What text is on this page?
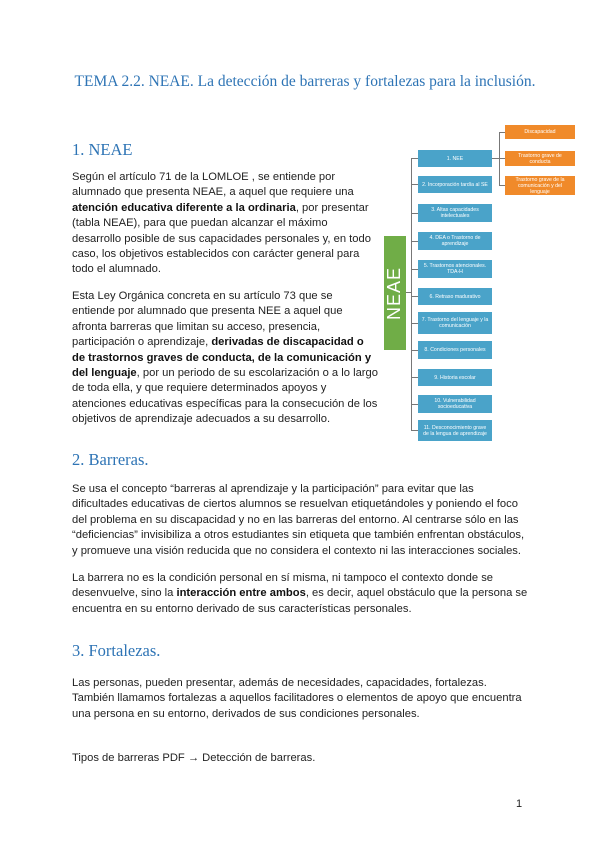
TEMA 2.2. NEAE. La detección de barreras y fortalezas para la inclusión.
1. NEAE

Según el artículo 71 de la LOMLOE , se entiende por alumnado que presenta NEAE, a aquel que requiere una atención educativa diferente a la ordinaria, por presentar (tabla NEAE), para que puedan alcanzar el máximo desarrollo posible de sus capacidades personales y, en todo caso, los objetivos establecidos con carácter general para todo el alumnado.

Esta Ley Orgánica concreta en su artículo 73 que se entiende por alumnado que presenta NEE a aquel que afronta barreras que limitan su acceso, presencia, participación o aprendizaje, derivadas de discapacidad o de trastornos graves de conducta, de la comunicación y del lenguaje, por un periodo de su escolarización o a lo largo de toda ella, y que requiere determinados apoyos y atenciones educativas específicas para la consecución de los objetivos de aprendizaje adecuados a su desarrollo.

NEAE
1. NEE
2. Incorporación tardía al SE
3. Altas capacidades intelectuales
4. DEA o Trastorno de aprendizaje
5. Trastornos atencionales. TDA-H
6. Retraso madurativo
7. Trastorno del lenguaje y la comunicación
8. Condiciones personales
9. Historia escolar
10. Vulnerabilidad socioeducativa
11. Desconocimiento grave de la lengua de aprendizaje
Discapacidad
Trastorno grave de conducta
Trastorno grave de la comunicación y del lenguaje
2. Barreras.

Se usa el concepto “barreras al aprendizaje y la participación” para evitar que las dificultades educativas de ciertos alumnos se resuelvan etiquetándoles y poniendo el foco del problema en su discapacidad y no en las barreras del entorno. Al centrarse sólo en las “deficiencias” invisibiliza a otros estudiantes sin etiqueta que también enfrentan obstáculos, y promueve una visión reducida que no considera el contexto ni las interacciones sociales.

La barrera no es la condición personal en sí misma, ni tampoco el contexto donde se desenvuelve, sino la interacción entre ambos, es decir, aquel obstáculo que la persona se encuentra en su entorno derivado de sus características personales.

3. Fortalezas.

Las personas, pueden presentar, además de necesidades, capacidades, fortalezas. También llamamos fortalezas a aquellos facilitadores o elementos de apoyo que encuentra una persona en su entorno, derivados de sus condiciones personales.

Tipos de barreras PDF → Detección de barreras.

1
